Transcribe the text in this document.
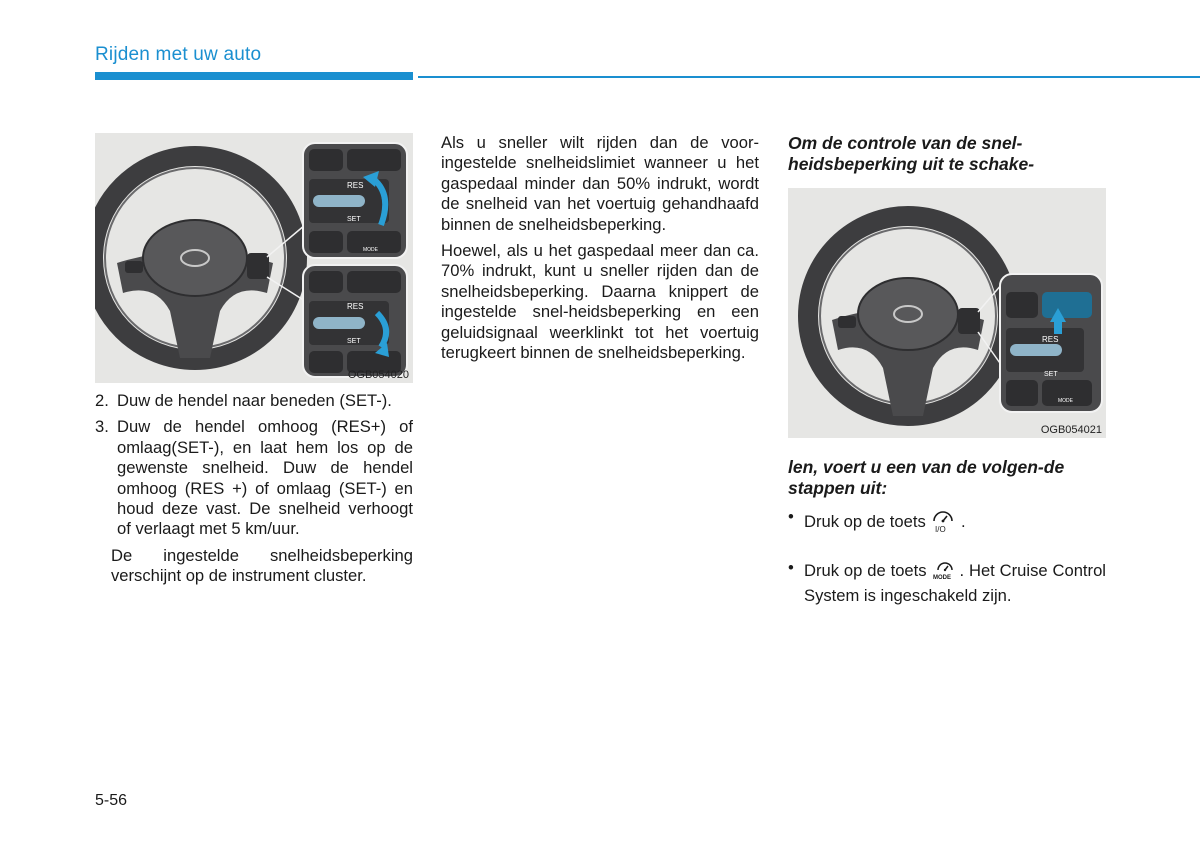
Rijden met uw auto
RES
SET
RES
SET
MODE
OGB054020
2. Duw de hendel naar beneden (SET-).
3. Duw de hendel omhoog (RES+) of omlaag(SET-), en laat hem los op de gewenste snelheid. Duw de hendel omhoog (RES +) of omlaag (SET-) en houd deze vast. De snelheid verhoogt of verlaagt met 5 km/uur.

De ingestelde snelheidsbeperking verschijnt op de instrument cluster.

Als u sneller wilt rijden dan de voor-ingestelde snelheidslimiet wanneer u het gaspedaal minder dan 50% indrukt, wordt de snelheid van het voertuig gehandhaafd binnen de snelheidsbeperking.

Hoewel, als u het gaspedaal meer dan ca. 70% indrukt, kunt u sneller rijden dan de snelheidsbeperking. Daarna knippert de ingestelde snel-heidsbeperking en een geluidsignaal weerklinkt tot het voertuig terugkeert binnen de snelheidsbeperking.

Om de controle van de snel-heidsbeperking uit te schake-
RES
SET
MODE
OGB054021
len, voert u een van de volgen-de stappen uit:
• Druk op de toets I/O .
• Druk op de toets MODE . Het Cruise Control System is ingeschakeld zijn.
5-56
